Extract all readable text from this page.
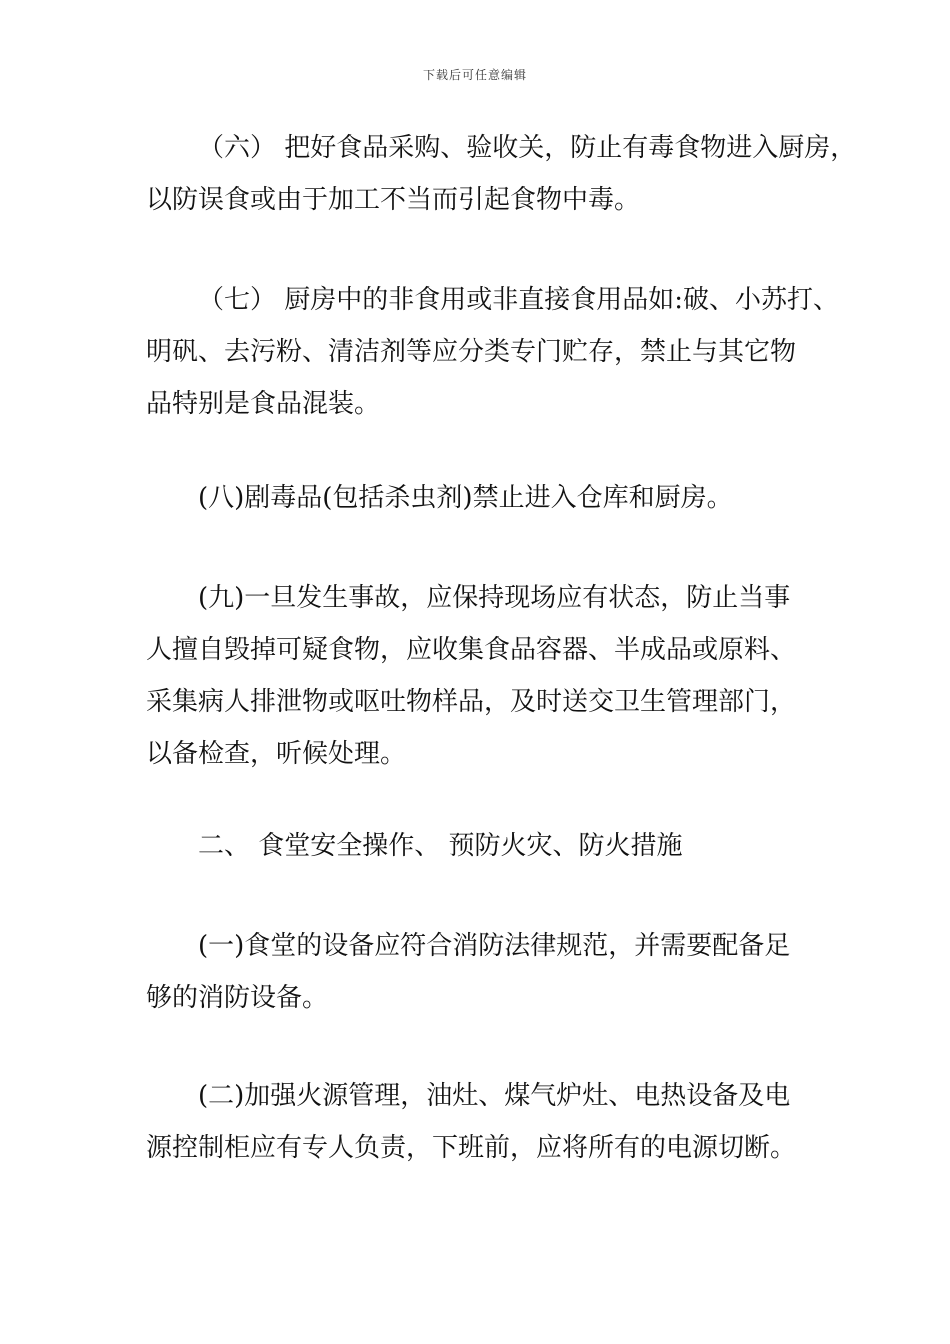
下载后可任意编辑
（六） 把好食品采购、验收关，防止有毒食物进入厨房，
以防误食或由于加工不当而引起食物中毒。
（七） 厨房中的非食用或非直接食用品如:破、小苏打、
明矾、去污粉、清洁剂等应分类专门贮存，禁止与其它物
品特别是食品混装。
(八)剧毒品(包括杀虫剂)禁止进入仓库和厨房。
(九)一旦发生事故，应保持现场应有状态，防止当事
人擅自毁掉可疑食物，应收集食品容器、半成品或原料、
采集病人排泄物或呕吐物样品，及时送交卫生管理部门，
以备检查，听候处理。
二、 食堂安全操作、 预防火灾、防火措施
(一)食堂的设备应符合消防法律规范，并需要配备足
够的消防设备。
(二)加强火源管理，油灶、煤气炉灶、电热设备及电
源控制柜应有专人负责，下班前，应将所有的电源切断。
